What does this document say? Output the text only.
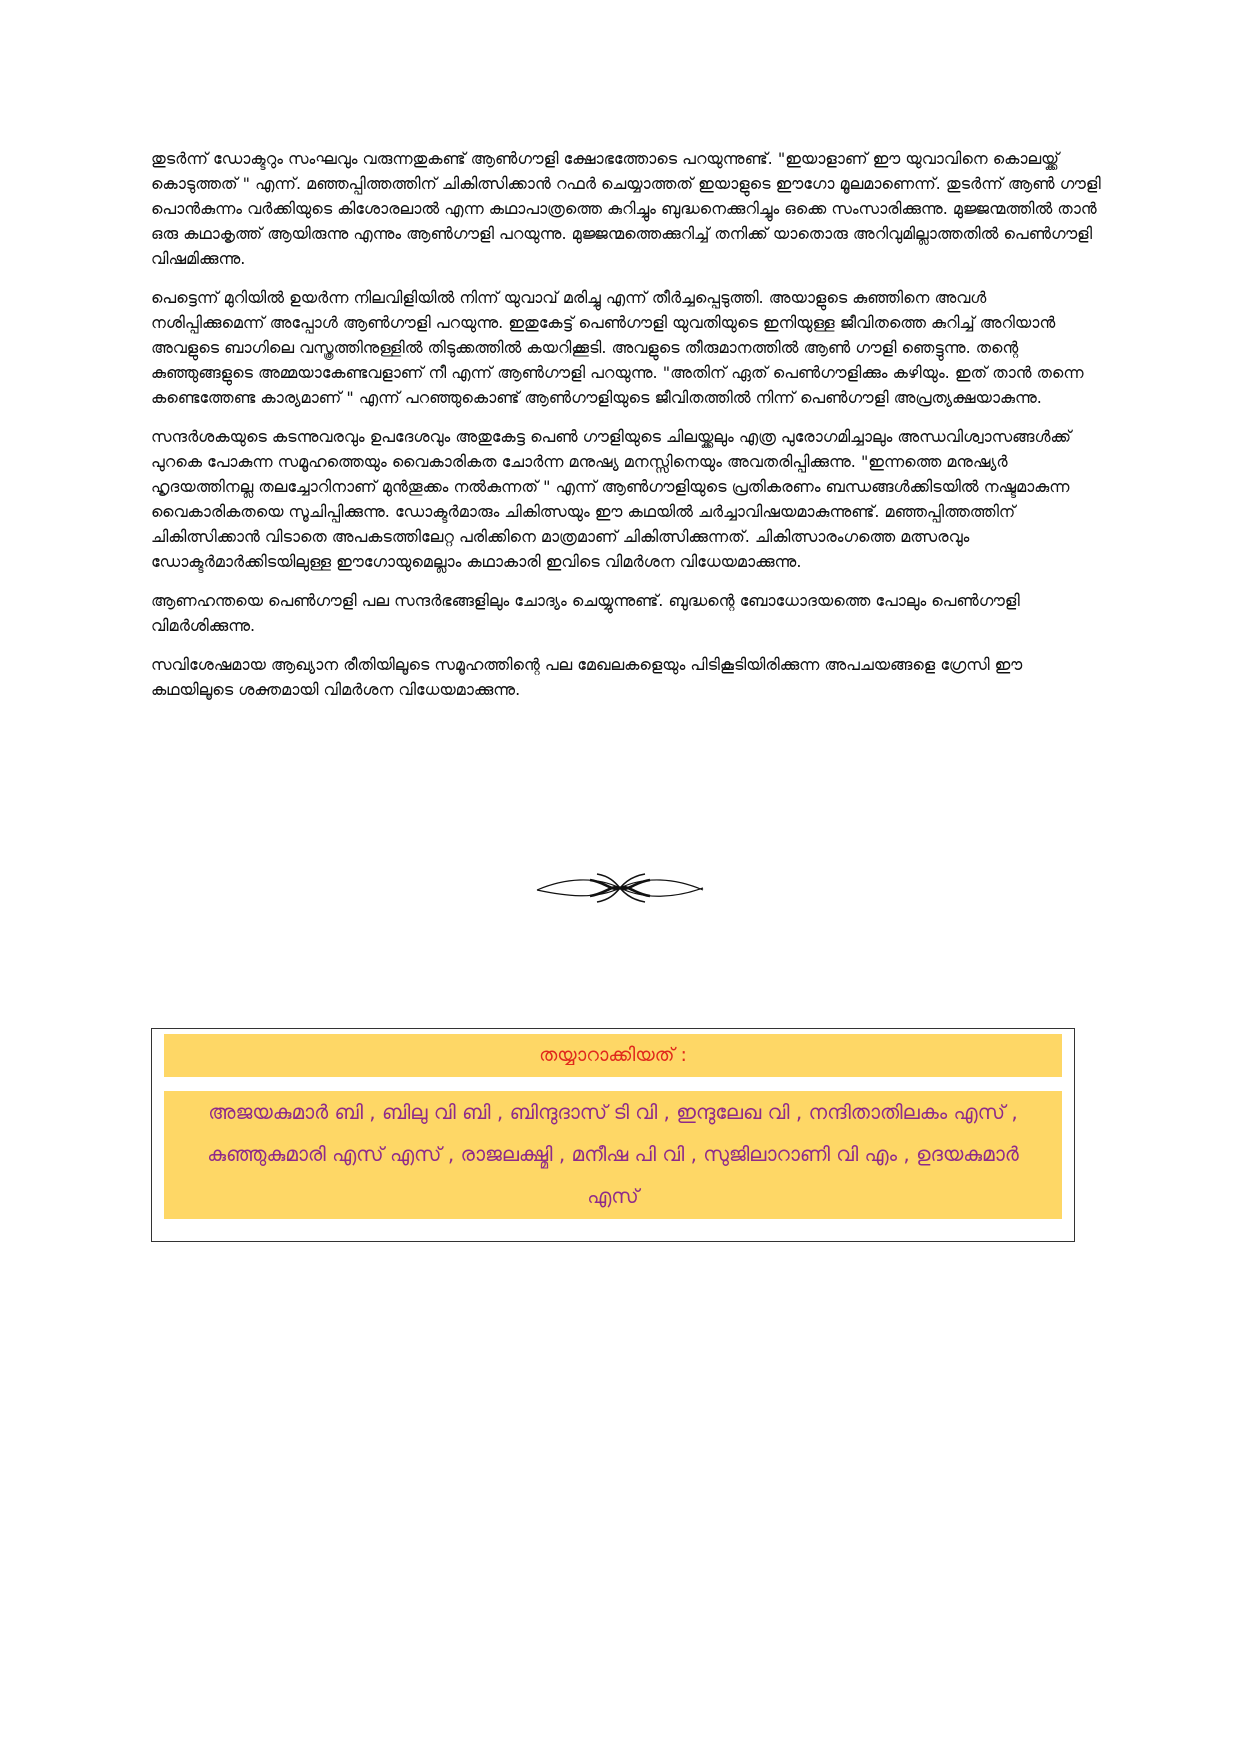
തുടർന്ന് ഡോക്ടറും സംഘവും വരുന്നതുകണ്ട് ആൺഗൗളി ക്ഷോഭത്തോടെ പറയുന്നുണ്ട്. "ഇയാളാണ് ഈ യുവാവിനെ കൊലയ്ക്ക് കൊടുത്തത് " എന്ന്. മഞ്ഞപ്പിത്തത്തിന് ചികിത്സിക്കാൻ റഫർ ചെയ്യാത്തത് ഇയാളുടെ ഈഗോ മൂലമാണെന്ന്. തുടർന്ന് ആൺ ഗൗളി പൊൻകുന്നം വർക്കിയുടെ കിശോരലാൽ എന്ന കഥാപാത്രത്തെ കുറിച്ചും ബുദ്ധനെക്കുറിച്ചും ഒക്കെ സംസാരിക്കുന്നു. മുജ്ജന്മത്തിൽ താൻ ഒരു കഥാകൃത്ത് ആയിരുന്നു എന്നും ആൺഗൗളി പറയുന്നു. മുജ്ജന്മത്തെക്കുറിച്ച് തനിക്ക് യാതൊരു അറിവുമില്ലാത്തതിൽ പെൺഗൗളി വിഷമിക്കുന്നു.

പെട്ടെന്ന് മുറിയിൽ ഉയർന്ന നിലവിളിയിൽ നിന്ന് യുവാവ് മരിച്ചു എന്ന് തീർച്ചപ്പെടുത്തി. അയാളുടെ കുഞ്ഞിനെ അവൾ നശിപ്പിക്കുമെന്ന് അപ്പോൾ ആൺഗൗളി പറയുന്നു. ഇതുകേട്ട് പെൺഗൗളി യുവതിയുടെ ഇനിയുള്ള ജീവിതത്തെ കുറിച്ച് അറിയാൻ അവളുടെ ബാഗിലെ വസ്ത്രത്തിനുള്ളിൽ തിടുക്കത്തിൽ കയറിക്കൂടി. അവളുടെ തീരുമാനത്തിൽ ആൺ ഗൗളി ഞെട്ടുന്നു. തന്റെ കുഞ്ഞുങ്ങളുടെ അമ്മയാകേണ്ടവളാണ് നീ എന്ന് ആൺഗൗളി പറയുന്നു. "അതിന് ഏത് പെൺഗൗളിക്കും കഴിയും. ഇത് താൻ തന്നെ കണ്ടെത്തേണ്ട കാര്യമാണ് " എന്ന് പറഞ്ഞുകൊണ്ട് ആൺഗൗളിയുടെ ജീവിതത്തിൽ നിന്ന് പെൺഗൗളി അപ്രത്യക്ഷയാകുന്നു.

സന്ദർശകയുടെ കടന്നുവരവും ഉപദേശവും അതുകേട്ട പെൺ ഗൗളിയുടെ ചിലയ്ക്കലും എത്ര പുരോഗമിച്ചാലും അന്ധവിശ്വാസങ്ങൾക്ക് പുറകെ പോകുന്ന സമൂഹത്തെയും വൈകാരികത ചോർന്ന മനുഷ്യ മനസ്സിനെയും അവതരിപ്പിക്കുന്നു. "ഇന്നത്തെ മനുഷ്യർ ഹൃദയത്തിനല്ല തലച്ചോറിനാണ് മുൻതൂക്കം നൽകുന്നത് " എന്ന് ആൺഗൗളിയുടെ പ്രതികരണം ബന്ധങ്ങൾക്കിടയിൽ നഷ്ടമാകുന്ന വൈകാരികതയെ സൂചിപ്പിക്കുന്നു. ഡോക്ടർമാരും ചികിത്സയും ഈ കഥയിൽ ചർച്ചാവിഷയമാകുന്നുണ്ട്. മഞ്ഞപ്പിത്തത്തിന് ചികിത്സിക്കാൻ വിടാതെ അപകടത്തിലേറ്റ പരിക്കിനെ മാത്രമാണ് ചികിത്സിക്കുന്നത്. ചികിത്സാരംഗത്തെ മത്സരവും ഡോക്ടർമാർക്കിടയിലുള്ള ഈഗോയുമെല്ലാം കഥാകാരി ഇവിടെ വിമർശന വിധേയമാക്കുന്നു.

ആണഹന്തയെ പെൺഗൗളി പല സന്ദർഭങ്ങളിലും ചോദ്യം ചെയ്യുന്നുണ്ട്. ബുദ്ധന്റെ ബോധോദയത്തെ പോലും പെൺഗൗളി വിമർശിക്കുന്നു.

സവിശേഷമായ ആഖ്യാന രീതിയിലൂടെ സമൂഹത്തിന്റെ പല മേഖലകളെയും പിടികൂടിയിരിക്കുന്ന അപചയങ്ങളെ ഗ്രേസി ഈ കഥയിലൂടെ ശക്തമായി വിമർശന വിധേയമാക്കുന്നു.

തയ്യാറാക്കിയത് :
അജയകുമാർ ബി , ബിലു വി ബി , ബിന്ദുദാസ് ടി വി , ഇന്ദുലേഖ വി , നന്ദിതാതിലകം എസ് , കുഞ്ഞുകുമാരി എസ് എസ് , രാജലക്ഷ്മി , മനീഷ പി വി , സുജിലാറാണി വി എം , ഉദയകുമാർ എസ്
